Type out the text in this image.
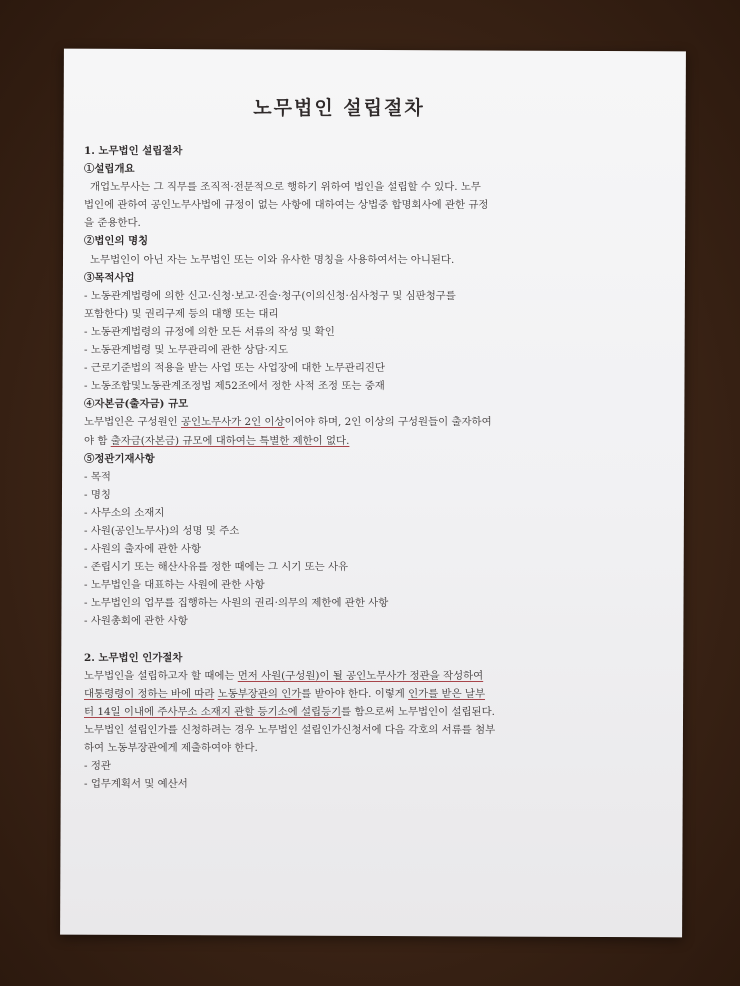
노무법인 설립절차
1. 노무법인 설립절차
①설립개요
개업노무사는 그 직무를 조직적·전문적으로 행하기 위하여 법인을 설립할 수 있다. 노무
법인에 관하여 공인노무사법에 규정이 없는 사항에 대하여는 상법중 합명회사에 관한 규정
을 준용한다.
②법인의 명칭
노무법인이 아닌 자는 노무법인 또는 이와 유사한 명칭을 사용하여서는 아니된다.
③목적사업
- 노동관계법령에 의한 신고·신청·보고·진술·청구(이의신청·심사청구 및 심판청구를
포함한다) 및 권리구제 등의 대행 또는 대리
- 노동관계법령의 규정에 의한 모든 서류의 작성 및 확인
- 노동관계법령 및 노무관리에 관한 상담·지도
- 근로기준법의 적용을 받는 사업 또는 사업장에 대한 노무관리진단
- 노동조합및노동관계조정법 제52조에서 정한 사적 조정 또는 중재
④자본금(출자금) 규모
노무법인은 구성원인 공인노무사가 2인 이상이어야 하며, 2인 이상의 구성원들이 출자하여
야 함 출자금(자본금) 규모에 대하여는 특별한 제한이 없다.
⑤정관기재사항
- 목적
- 명칭
- 사무소의 소재지
- 사원(공인노무사)의 성명 및 주소
- 사원의 출자에 관한 사항
- 존립시기 또는 해산사유를 정한 때에는 그 시기 또는 사유
- 노무법인을 대표하는 사원에 관한 사항
- 노무법인의 업무를 집행하는 사원의 권리·의무의 제한에 관한 사항
- 사원총회에 관한 사항
2. 노무법인 인가절차
노무법인을 설립하고자 할 때에는 먼저 사원(구성원)이 될 공인노무사가 정관을 작성하여
대통령령이 정하는 바에 따라 노동부장관의 인가를 받아야 한다. 이렇게 인가를 받은 날부
터 14일 이내에 주사무소 소재지 관할 등기소에 설립등기를 함으로써 노무법인이 설립된다.
노무법인 설립인가를 신청하려는 경우 노무법인 설립인가신청서에 다음 각호의 서류를 첨부
하여 노동부장관에게 제출하여야 한다.
- 정관
- 업무계획서 및 예산서
